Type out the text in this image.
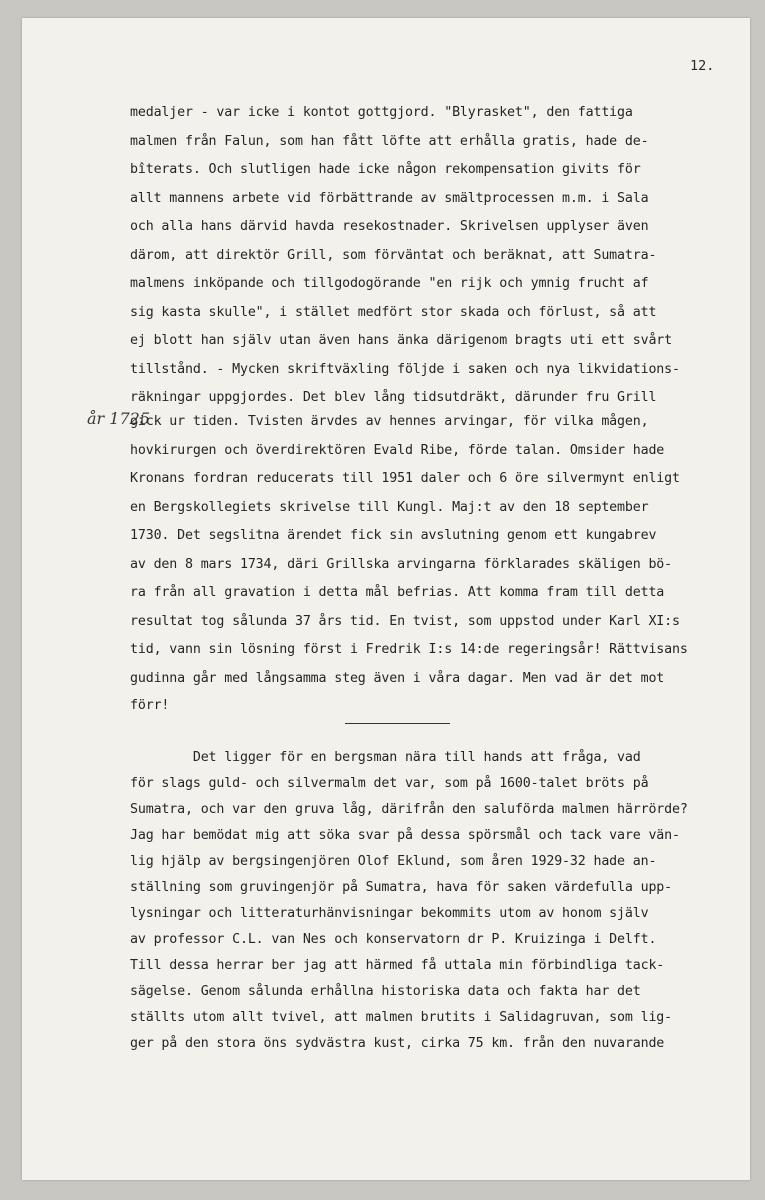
12.
år 1725
medaljer - var icke i kontot gottgjord. "Blyrasket", den fattiga
malmen från Falun, som han fått löfte att erhålla gratis, hade de-
bîterats. Och slutligen hade icke någon rekompensation givits för
allt mannens arbete vid förbättrande av smältprocessen m.m. i Sala
och alla hans därvid havda resekostnader. Skrivelsen upplyser även
därom, att direktör Grill, som förväntat och beräknat, att Sumatra-
malmens inköpande och tillgodogörande "en rijk och ymnig frucht af
sig kasta skulle", i stället medfört stor skada och förlust, så att
ej blott han själv utan även hans änka därigenom bragts uti ett svårt
tillstånd. - Mycken skriftväxling följde i saken och nya likvidations-
räkningar uppgjordes. Det blev lång tidsutdräkt, därunder fru Grill
gick ur tiden. Tvisten ärvdes av hennes arvingar, för vilka mågen,
hovkirurgen och överdirektören Evald Ribe, förde talan. Omsider hade
Kronans fordran reducerats till 1951 daler och 6 öre silvermynt enligt
en Bergskollegiets skrivelse till Kungl. Maj:t av den 18 september
1730. Det segslitna ärendet fick sin avslutning genom ett kungabrev
av den 8 mars 1734, däri Grillska arvingarna förklarades skäligen bö-
ra från all gravation i detta mål befrias. Att komma fram till detta
resultat tog sålunda 37 års tid. En tvist, som uppstod under Karl XI:s
tid, vann sin lösning först i Fredrik I:s 14:de regeringsår! Rättvisans
gudinna går med långsamma steg även i våra dagar. Men vad är det mot
förr!
Det ligger för en bergsman nära till hands att fråga, vad
för slags guld- och silvermalm det var, som på 1600-talet bröts på
Sumatra, och var den gruva låg, därifrån den saluförda malmen härrörde?
Jag har bemödat mig att söka svar på dessa spörsmål och tack vare vän-
lig hjälp av bergsingenjören Olof Eklund, som åren 1929-32 hade an-
ställning som gruvingenjör på Sumatra, hava för saken värdefulla upp-
lysningar och litteraturhänvisningar bekommits utom av honom själv
av professor C.L. van Nes och konservatorn dr P. Kruizinga i Delft.
Till dessa herrar ber jag att härmed få uttala min förbindliga tack-
sägelse. Genom sålunda erhållna historiska data och fakta har det
ställts utom allt tvivel, att malmen brutits i Salidagruvan, som lig-
ger på den stora öns sydvästra kust, cirka 75 km. från den nuvarande
